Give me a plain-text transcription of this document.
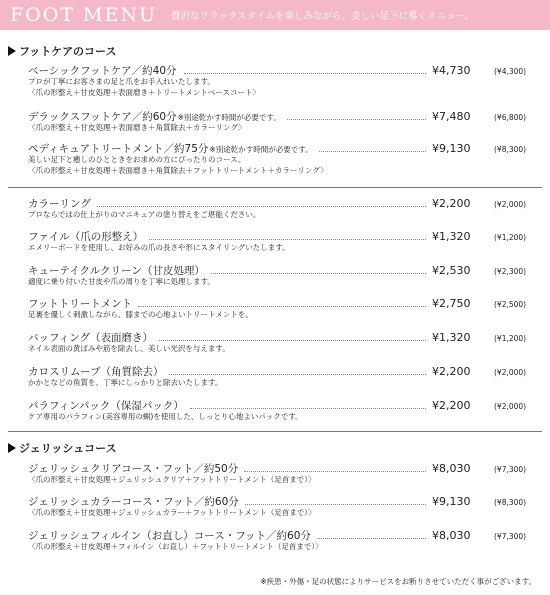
FOOT MENU	贅沢なリラックスタイムを楽しみながら、美しい足下に導くメニュー。
フットケアのコース
ベーシックフットケア／約40分	¥4,730	(¥4,300)
プロが丁寧にお客さまの足と爪をお手入れいたします。
〈爪の形整え＋甘皮処理＋表面磨き＋トリートメントベースコート〉
デラックスフットケア／約60分 ※別途乾かす時間が必要です。	¥7,480	(¥6,800)
〈爪の形整え＋甘皮処理＋表面磨き＋角質除去＋カラーリング〉
ペディキュアトリートメント／約75分 ※別途乾かす時間が必要です。	¥9,130	(¥8,300)
美しい足下と癒しのひとときをお求めの方にぴったりのコース。
〈爪の形整え＋甘皮処理＋表面磨き＋角質除去＋フットトリートメント＋カラーリング〉
カラーリング	¥2,200	(¥2,000)
プロならではの仕上がりのマニキュアの塗り替えをご堪能ください。
ファイル（爪の形整え）	¥1,320	(¥1,200)
エメリーボードを使用し、お好みの爪の長さや形にスタイリングいたします。
キューテイクルクリーン（甘皮処理）	¥2,530	(¥2,300)
適度に乗り付いた甘皮や爪の周りを丁寧に処理します。
フットトリートメント	¥2,750	(¥2,500)
足裏を優しく刺激しながら、膝までの心地よいトリートメントを。
バッフィング（表面磨き）	¥1,320	(¥1,200)
ネイル表面の黄ばみや筋を除去し、美しい光沢を与えます。
カロスリムーブ（角質除去）	¥2,200	(¥2,000)
かかとなどの角質を、丁寧にしっかりと除去いたします。
パラフィンパック（保湿パック）	¥2,200	(¥2,000)
ケア専用のパラフィン(美容専用の蝋)を使用した、しっとり心地よいパックです。
ジェリッシュコース
ジェリッシュクリアコース・フット／約50分	¥8,030	(¥7,300)
〈爪の形整え＋甘皮処理＋ジェリッシュクリア＋フットトリートメント（足首まで）〉
ジェリッシュカラーコース・フット／約60分	¥9,130	(¥8,300)
〈爪の形整え＋甘皮処理＋ジェリッシュカラー＋フットトリートメント（足首まで）〉
ジェリッシュフィルイン（お直し）コース・フット／約60分	¥8,030	(¥7,300)
〈爪の形整え＋甘皮処理＋フィルイン（お直し）＋フットトリートメント（足首まで）〉
※疾患・外傷・足の状態によりサービスをお断りさせていただく事がございます。
